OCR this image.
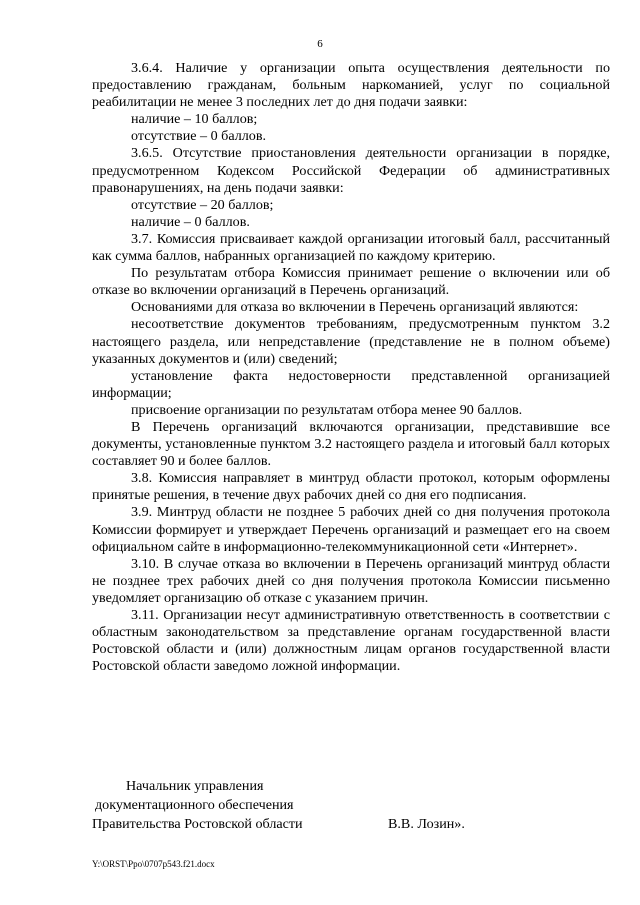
6

3.6.4. Наличие у организации опыта осуществления деятельности по предоставлению гражданам, больным наркоманией, услуг по социальной реабилитации не менее 3 последних лет до дня подачи заявки:

наличие – 10 баллов;

отсутствие – 0 баллов.

3.6.5. Отсутствие приостановления деятельности организации в порядке, предусмотренном Кодексом Российской Федерации об административных правонарушениях, на день подачи заявки:

отсутствие – 20 баллов;

наличие – 0 баллов.

3.7. Комиссия присваивает каждой организации итоговый балл, рассчитанный как сумма баллов, набранных организацией по каждому критерию.

По результатам отбора Комиссия принимает решение о включении или об отказе во включении организаций в Перечень организаций.

Основаниями для отказа во включении в Перечень организаций являются:

несоответствие документов требованиям, предусмотренным пунктом 3.2 настоящего раздела, или непредставление (представление не в полном объеме) указанных документов и (или) сведений;

установление факта недостоверности представленной организацией информации;

присвоение организации по результатам отбора менее 90 баллов.

В Перечень организаций включаются организации, представившие все документы, установленные пунктом 3.2 настоящего раздела и итоговый балл которых составляет 90 и более баллов.

3.8. Комиссия направляет в минтруд области протокол, которым оформлены принятые решения, в течение двух рабочих дней со дня его подписания.

3.9. Минтруд области не позднее 5 рабочих дней со дня получения протокола Комиссии формирует и утверждает Перечень организаций и размещает его на своем официальном сайте в информационно-телекоммуникационной сети «Интернет».

3.10. В случае отказа во включении в Перечень организаций минтруд области не позднее трех рабочих дней со дня получения протокола Комиссии письменно уведомляет организацию об отказе с указанием причин.

3.11. Организации несут административную ответственность в соответствии с областным законодательством за представление органам государственной власти Ростовской области и (или) должностным лицам органов государственной власти Ростовской области заведомо ложной информации.

Начальник управления
документационного обеспечения
Правительства Ростовской области	В.В. Лозин».
Y:\ORST\Ppo\0707p543.f21.docx
